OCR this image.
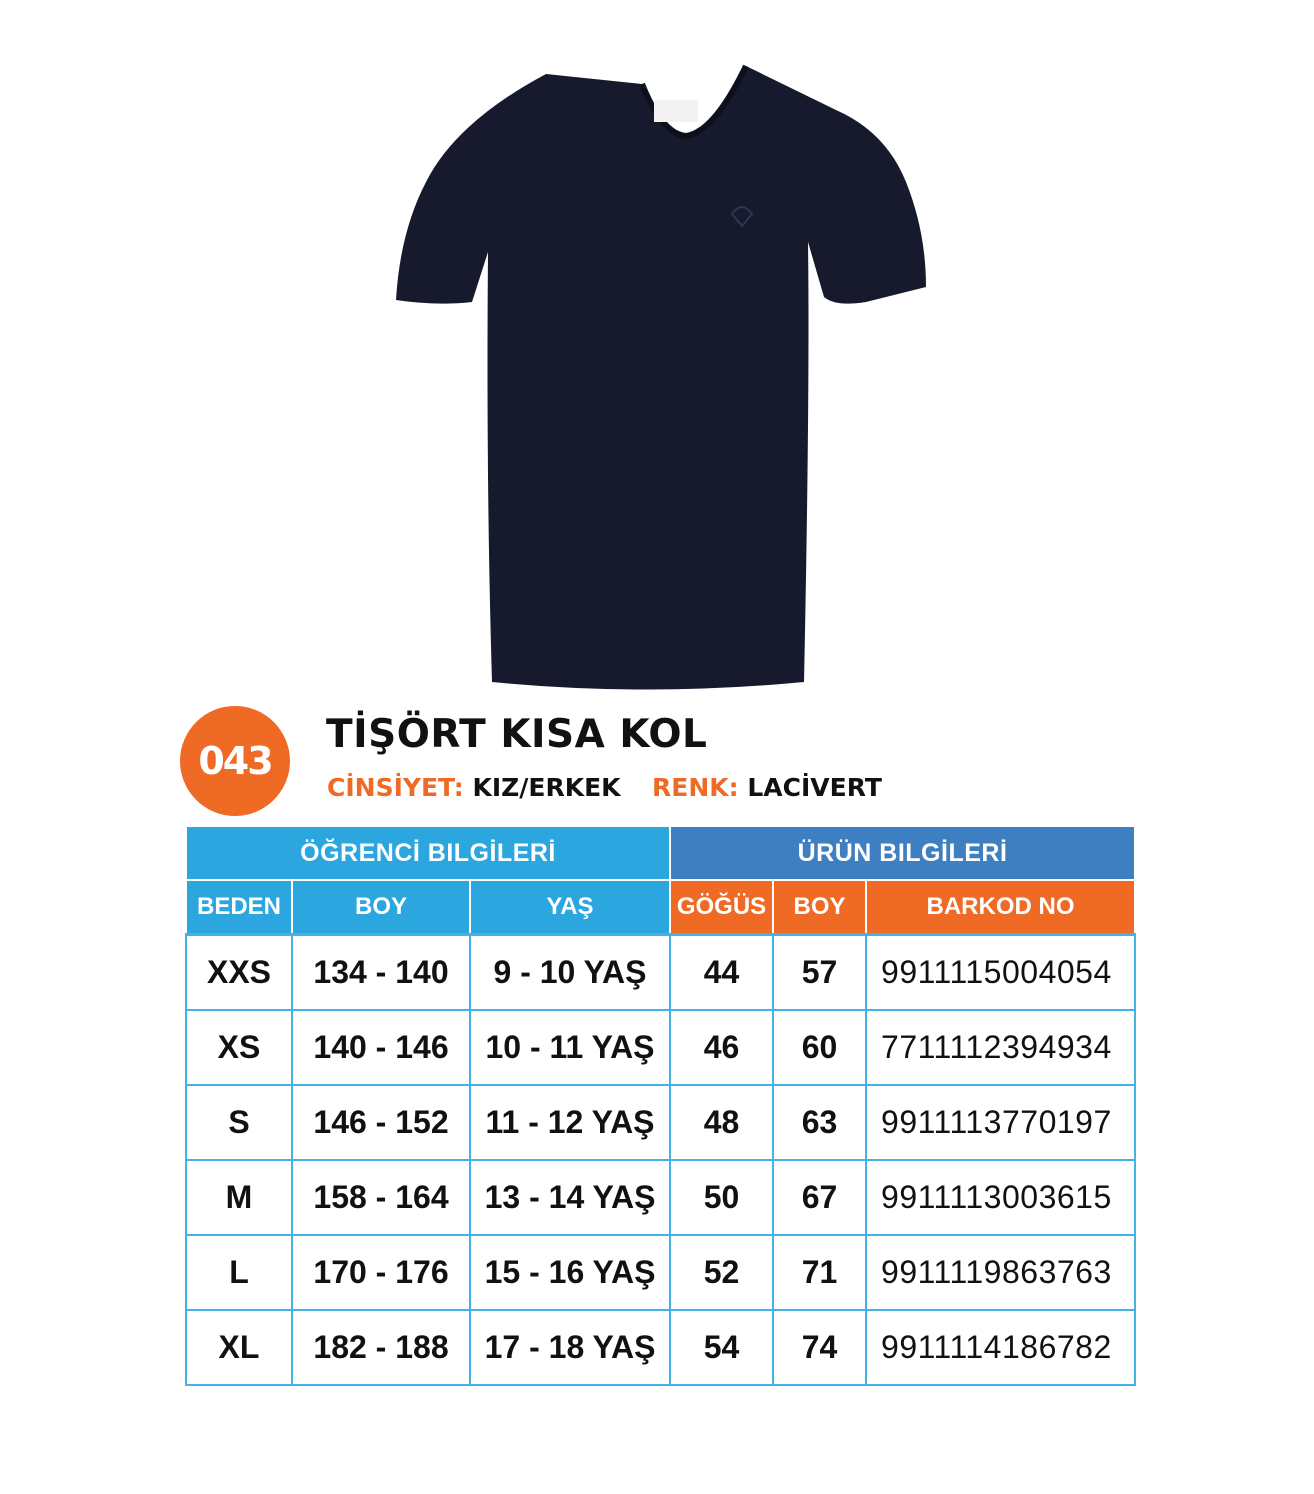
043
TİŞÖRT KISA KOL
CİNSİYET: KIZ/ERKEK RENK: LACİVERT
ÖĞRENCİ BILGİLERİ			ÜRÜN BILGİLERİ		
BEDEN	BOY	YAŞ	GÖĞÜS	BOY	BARKOD NO
XXS	134 - 140	9 - 10 YAŞ	44	57	9911115004054
XS	140 - 146	10 - 11 YAŞ	46	60	7711112394934
S	146 - 152	11 - 12 YAŞ	48	63	9911113770197
M	158 - 164	13 - 14 YAŞ	50	67	9911113003615
L	170 - 176	15 - 16 YAŞ	52	71	9911119863763
XL	182 - 188	17 - 18 YAŞ	54	74	9911114186782
